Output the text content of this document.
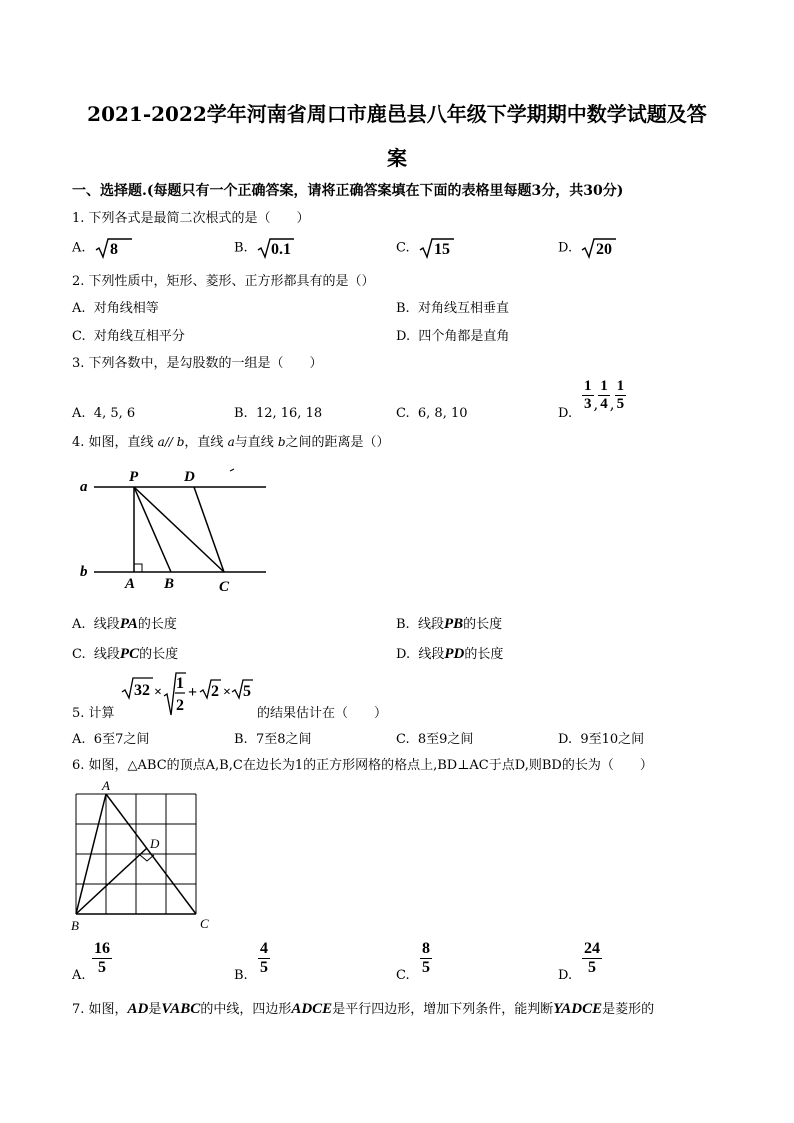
2021-2022学年河南省周口市鹿邑县八年级下学期期中数学试题及答
案
一、选择题.(每题只有一个正确答案，请将正确答案填在下面的表格里每题3分，共30分)
1. 下列各式是最简二次根式的是（　　）
A. 8	B. 0.1	C. 15	D. 20
2. 下列性质中，矩形、菱形、正方形都具有的是（）
A. 对角线相等	B. 对角线互相垂直
C. 对角线互相平分	D. 四个角都是直角
3. 下列各数中，是勾股数的一组是（　　）
A. 4, 5, 6	B. 12, 16, 18	C. 6, 8, 10	D.
$\frac{1}{3}$ , $\frac{1}{4}$ , $\frac{1}{5}$
4. 如图，直线 a// b，直线 a与直线 b之间的距离是（）
a
b
P	D
A B	C
A. 线段PA的长度	B. 线段PB的长度
C. 线段PC的长度	D. 线段PD的长度
5. 计算
32 ×
1
2
+ 2 × 5
的结果估计在（　　）
A. 6至7之间	B. 7至8之间	C. 8至9之间	D. 9至10之间
6. 如图，△ABC的顶点A,B,C在边长为1的正方形网格的格点上,BD⊥AC于点D,则BD的长为（　　）
A
B	C
D
A. $\frac{16}{5}$	B. $\frac{4}{5}$	C. $\frac{8}{5}$	D. $\frac{24}{5}$
7. 如图，AD是VABC的中线，四边形ADCE是平行四边形，增加下列条件，能判断YADCE是菱形的
